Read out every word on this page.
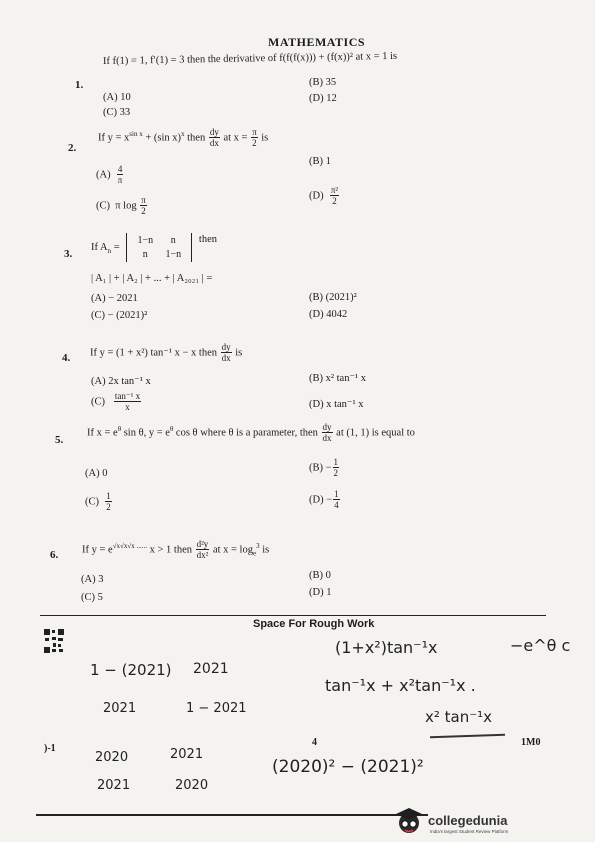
MATHEMATICS
1.
If f(1) = 1, f′(1) = 3 then the derivative of f(f(f(x))) + (f(x))² at x = 1 is
(A) 10
(B) 35
(C) 33
(D) 12
2.
If $y = x^{sin x} + (\sin$ x)$^x$ then $\frac{dy}{dx}$ at $x = \frac{\pi}{2}$ is
$(A) \frac{4}{\pi}$
(B) 1
(C) π $\log \frac{\pi}{2}$
$(D) \frac{\text{π²}}{2}$
3.
If $A_n$ =
1−n n
n 1−n
then
| A₁ | + | A₂ | + ... + | A₂₀₂₁ | =
(A) − 2021	(B) (2021)²
(C) − (2021)²	(D) 4042
4. If y = (1 + x²) tan⁻¹ x − x then $\frac{dy}{dx}$ is
(A) 2x tan⁻¹ x	(B) x² tan⁻¹ x
$(C) \frac{\text{tan⁻¹ x}}{x}$	(D) x tan⁻¹ x
5.
If $x = e^\theta$ sin θ, $y = e^\theta$ cos θ where θ is a parameter, then $\frac{dy}{dx}$ at (1, 1) is equal to
(A) 0
$(B) - \frac{1}{2}$
$(C) \frac{1}{2}$	$(D) - \frac{1}{4}$
6. If $y = e^{√x√x√x ......}$ x > 1 then $\frac{\text{d²y}}{\text{dx²}}$ at $x = \log_e^3$ is
(A) 3	(B) 0
(C) 5	(D) 1
Space For Rough Work
(1+x²)tan⁻¹x	−e^θ c
tan⁻¹x + x²tan⁻¹x .
x² tan⁻¹x
1 − (2021) 2021
2021	1 − 2021
2020	2021
2021	2020
(2020)² − (2021)²
4	1M0
)-1
collegedunia
India's largest Student Review Platform
